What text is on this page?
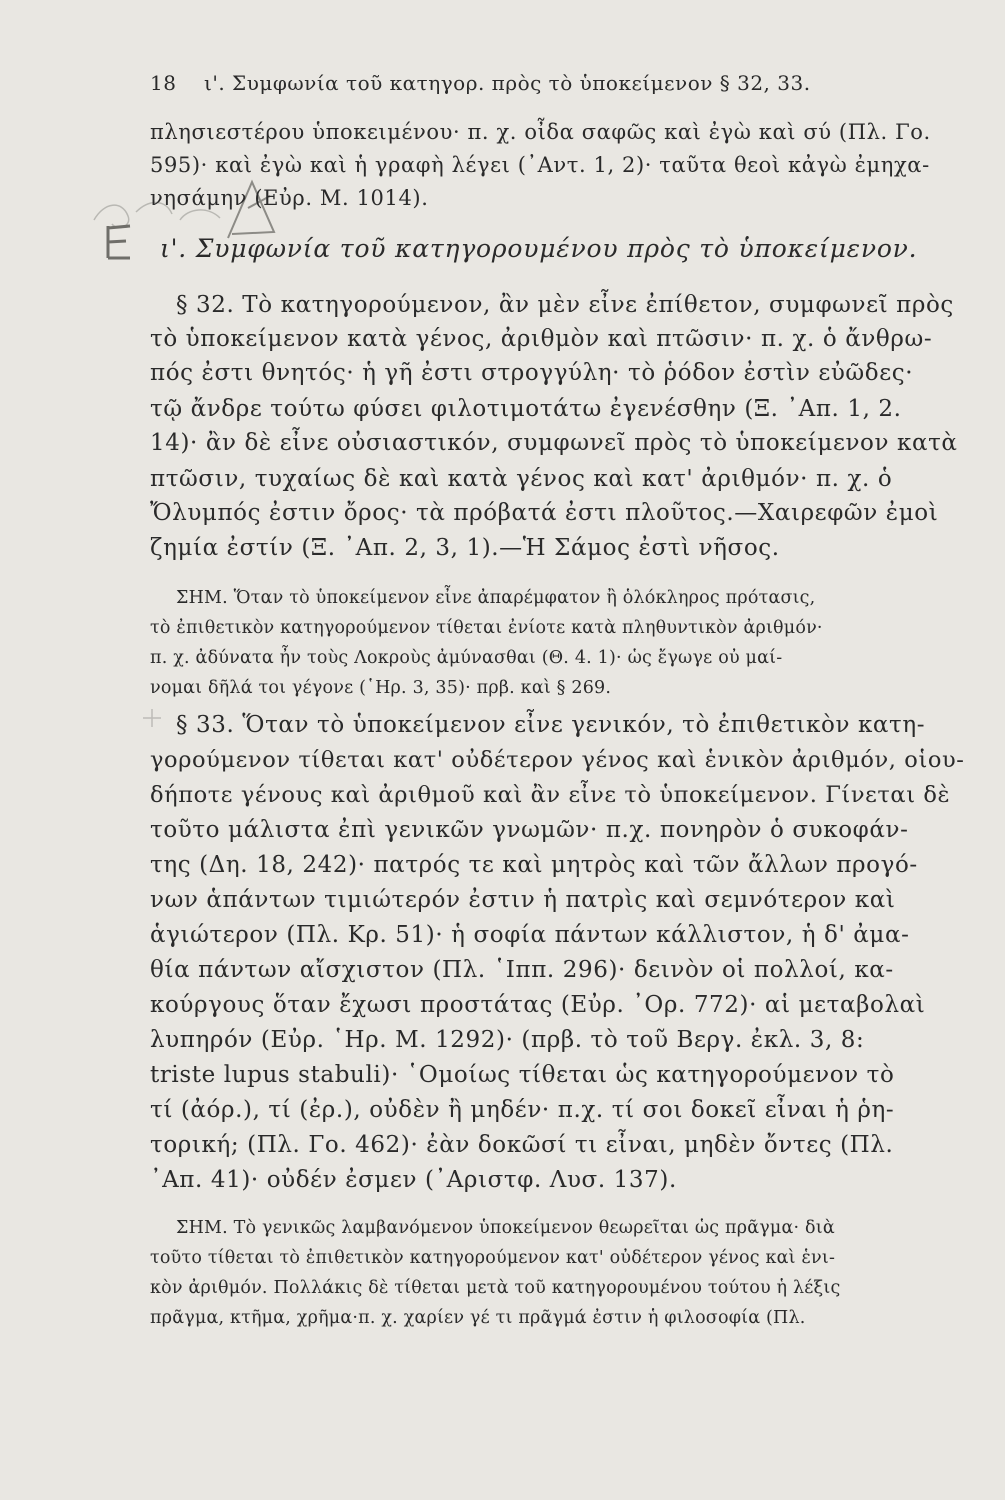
18 ι'. Συμφωνία τοῦ κατηγορ. πρὸς τὸ ὑποκείμενον § 32, 33.
πλησιεστέρου ὑποκειμένου· π. χ. οἶδα σαφῶς καὶ ἐγὼ καὶ σύ (Πλ. Γο.
595)· καὶ ἐγὼ καὶ ἡ γραφὴ λέγει (᾿Αντ. 1, 2)· ταῦτα θεοὶ κἀγὼ ἐμηχα-
νησάμην (Εὐρ. Μ. 1014).
ι'. Συμφωνία τοῦ κατηγορουμένου πρὸς τὸ ὑποκείμενον.
§ 32. Τὸ κατηγορούμενον, ἂν μὲν εἶνε ἐπίθετον, συμφωνεῖ πρὸς
τὸ ὑποκείμενον κατὰ γένος, ἀριθμὸν καὶ πτῶσιν· π. χ. ὁ ἄνθρω-
πός ἐστι θνητός· ἡ γῆ ἐστι στρογγύλη· τὸ ῥόδον ἐστὶν εὐῶδες·
τῷ ἄνδρε τούτω φύσει φιλοτιμοτάτω ἐγενέσθην (Ξ. ᾿Απ. 1, 2.
14)· ἂν δὲ εἶνε οὐσιαστικόν, συμφωνεῖ πρὸς τὸ ὑποκείμενον κατὰ
πτῶσιν, τυχαίως δὲ καὶ κατὰ γένος καὶ κατ' ἀριθμόν· π. χ. ὁ
Ὄλυμπός ἐστιν ὄρος· τὰ πρόβατά ἐστι πλοῦτος.—Χαιρεφῶν ἐμοὶ
ζημία ἐστίν (Ξ. ᾿Απ. 2, 3, 1).—Ἡ Σάμος ἐστὶ νῆσος.
ΣΗΜ. Ὅταν τὸ ὑποκείμενον εἶνε ἀπαρέμφατον ἢ ὁλόκληρος πρότασις,
τὸ ἐπιθετικὸν κατηγορούμενον τίθεται ἐνίοτε κατὰ πληθυντικὸν ἀριθμόν·
π. χ. ἀδύνατα ἦν τοὺς Λοκροὺς ἀμύνασθαι (Θ. 4. 1)· ὡς ἔγωγε οὐ μαί-
νομαι δῆλά τοι γέγονε (῾Ηρ. 3, 35)· πρβ. καὶ § 269.
§ 33. Ὅταν τὸ ὑποκείμενον εἶνε γενικόν, τὸ ἐπιθετικὸν κατη-
γορούμενον τίθεται κατ' οὐδέτερον γένος καὶ ἑνικὸν ἀριθμόν, οἱου-
δήποτε γένους καὶ ἀριθμοῦ καὶ ἂν εἶνε τὸ ὑποκείμενον. Γίνεται δὲ
τοῦτο μάλιστα ἐπὶ γενικῶν γνωμῶν· π.χ. πονηρὸν ὁ συκοφάν-
της (Δη. 18, 242)· πατρός τε καὶ μητρὸς καὶ τῶν ἄλλων προγό-
νων ἁπάντων τιμιώτερόν ἐστιν ἡ πατρὶς καὶ σεμνότερον καὶ
ἁγιώτερον (Πλ. Κρ. 51)· ἡ σοφία πάντων κάλλιστον, ἡ δ' ἀμα-
θία πάντων αἴσχιστον (Πλ. ῾Ιππ. 296)· δεινὸν οἱ πολλοί, κα-
κούργους ὅταν ἔχωσι προστάτας (Εὐρ. ᾿Ορ. 772)· αἱ μεταβολαὶ
λυπηρόν (Εὐρ. ῾Ηρ. Μ. 1292)· (πρβ. τὸ τοῦ Βεργ. ἐκλ. 3, 8:
triste lupus stabuli)· ῾Ομοίως τίθεται ὡς κατηγορούμενον τὸ
τί (ἀόρ.), τί (ἐρ.), οὐδὲν ἢ μηδέν· π.χ. τί σοι δοκεῖ εἶναι ἡ ῥη-
τορική; (Πλ. Γο. 462)· ἐὰν δοκῶσί τι εἶναι, μηδὲν ὄντες (Πλ.
᾿Απ. 41)· οὐδέν ἐσμεν (᾿Αριστφ. Λυσ. 137).
ΣΗΜ. Τὸ γενικῶς λαμβανόμενον ὑποκείμενον θεωρεῖται ὡς πρᾶγμα· διὰ
τοῦτο τίθεται τὸ ἐπιθετικὸν κατηγορούμενον κατ' οὐδέτερον γένος καὶ ἑνι-
κὸν ἀριθμόν. Πολλάκις δὲ τίθεται μετὰ τοῦ κατηγορουμένου τούτου ἡ λέξις
πρᾶγμα, κτῆμα, χρῆμα·π. χ. χαρίεν γέ τι πρᾶγμά ἐστιν ἡ φιλοσοφία (Πλ.
